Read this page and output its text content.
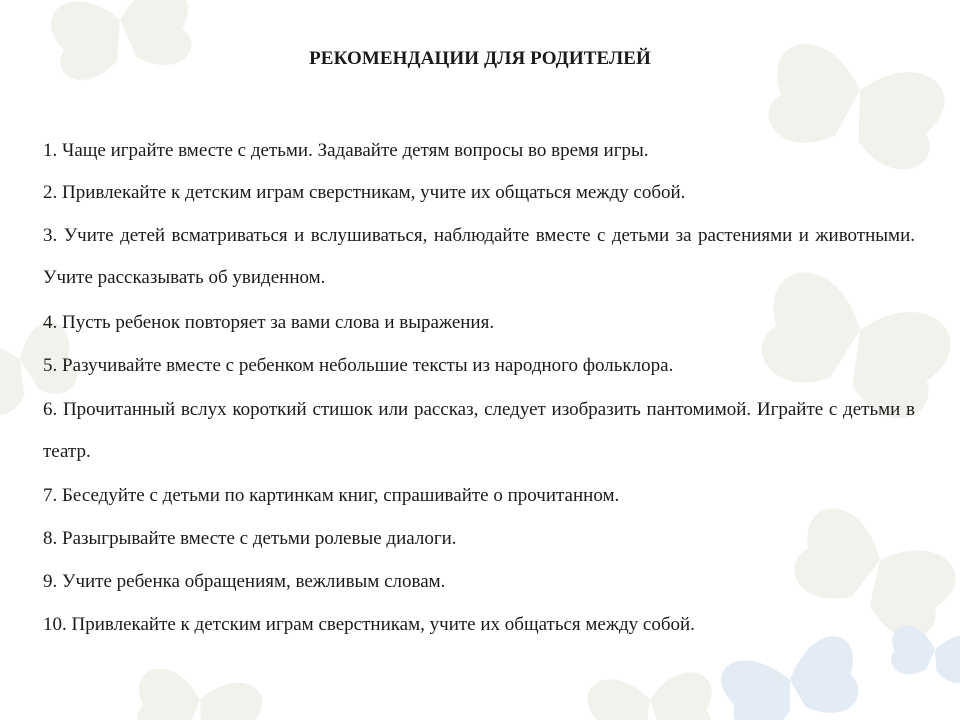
РЕКОМЕНДАЦИИ ДЛЯ РОДИТЕЛЕЙ

1. Чаще играйте вместе с детьми. Задавайте детям вопросы во время игры.

2. Привлекайте к детским играм сверстникам, учите их общаться между собой.

3. Учите детей всматриваться и вслушиваться, наблюдайте вместе с детьми за растениями и животными. Учите рассказывать об увиденном.

4. Пусть ребенок повторяет за вами слова и выражения.

5. Разучивайте вместе с ребенком небольшие тексты из народного фольклора.

6. Прочитанный вслух короткий стишок или рассказ, следует изобразить пантомимой. Играйте с детьми в театр.

7. Беседуйте с детьми по картинкам книг, спрашивайте о прочитанном.

8. Разыгрывайте вместе с детьми ролевые диалоги.

9. Учите ребенка обращениям, вежливым словам.

10. Привлекайте к детским играм сверстникам, учите их общаться между собой.
